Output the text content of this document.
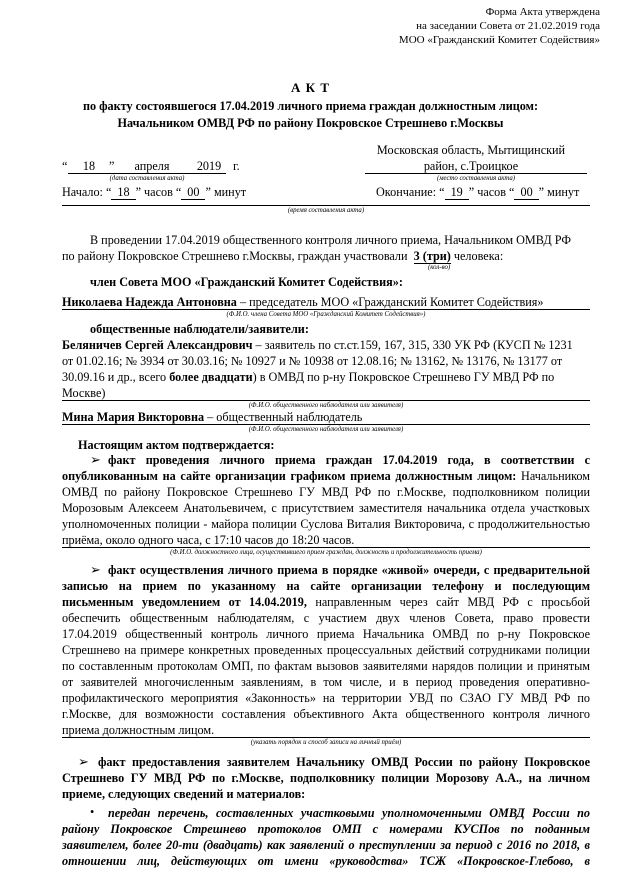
Форма Акта утверждена
на заседании Совета от 21.02.2019 года
МОО «Гражданский Комитет Содействия»
А К Т
по факту состоявшегося 17.04.2019 личного приема граждан должностным лицом:
Начальником ОМВД РФ по району Покровское Стрешнево г.Москвы
Московская область, Мытищинский
район, с.Троицкое
(место составления акта)
“	18	”	апреля	2019 г.
(дата составления акта)
Начало: “ 18 ” часов “ 00 ” минут	Окончание: “ 19 ” часов “ 00 ” минут
(время составления акта)
В проведении 17.04.2019 общественного контроля личного приема, Начальником ОМВД РФ
по району Покровское Стрешнево г.Москвы, граждан участвовали 3 (три) человека:
(кол-во)
член Совета МОО «Гражданский Комитет Содействия»:
Николаева Надежда Антоновна – председатель МОО «Гражданский Комитет Содействия»
(Ф.И.О. члена Совета МОО «Гражданский Комитет Содействия»)
общественные наблюдатели/заявители:
Беляничев Сергей Александрович – заявитель по ст.ст.159, 167, 315, 330 УК РФ (КУСП № 1231
от 01.02.16; № 3934 от 30.03.16; № 10927 и № 10938 от 12.08.16; № 13162, № 13176, № 13177 от
30.09.16 и др., всего более двадцати) в ОМВД по р-ну Покровское Стрешнево ГУ МВД РФ по
Москве)
(Ф.И.О. общественного наблюдателя или заявителя)
Мина Мария Викторовна – общественный наблюдатель
(Ф.И.О. общественного наблюдателя или заявителя)
Настоящим актом подтверждается:
➢ факт проведения личного приема граждан 17.04.2019 года, в соответствии с
опубликованным на сайте организации графиком приема должностным лицом: Начальником
ОМВД по району Покровское Стрешнево ГУ МВД РФ по г.Москве, подполковником полиции
Морозовым Алексеем Анатольевичем, с присутствием заместителя начальника отдела участковых
уполномоченных полиции - майора полиции Суслова Виталия Викторовича, с продолжительностью
приёма, около одного часа, с 17:10 часов до 18:20 часов.
(Ф.И.О. должностного лица, осуществившего прием граждан, должность и продолжительность приема)
➢ факт осуществления личного приема в порядке «живой» очереди, с предварительной
записью на прием по указанному на сайте организации телефону и последующим
письменным уведомлением от 14.04.2019, направленным через сайт МВД РФ с просьбой
обеспечить общественным наблюдателям, с участием двух членов Совета, право провести
17.04.2019 общественный контроль личного приема Начальника ОМВД по р-ну Покровское
Стрешнево на примере конкретных проведенных процессуальных действий сотрудниками полиции
по составленным протоколам ОМП, по фактам вызовов заявителями нарядов полиции и принятым
от заявителей многочисленным заявлениям, в том числе, и в период проведения оперативно-
профилактического мероприятия «Законность» на территории УВД по СЗАО ГУ МВД РФ по
г.Москве, для возможности составления объективного Акта общественного контроля личного
приема должностным лицом.
(указать порядок и способ записи на личный приём)
➢ факт предоставления заявителем Начальнику ОМВД России по району Покровское
Стрешнево ГУ МВД РФ по г.Москве, подполковнику полиции Морозову А.А., на личном
приеме, следующих сведений и материалов:
• передан перечень, составленных участковыми уполномоченными ОМВД России по
району Покровское Стрешнево протоколов ОМП с номерами КУСПов по поданным
заявителем, более 20-ти (двадцать) как заявлений о преступлении за период с 2016 по 2018, в
отношении лиц, действующих от имени «руководства» ТСЖ «Покровское-Глебово, в
